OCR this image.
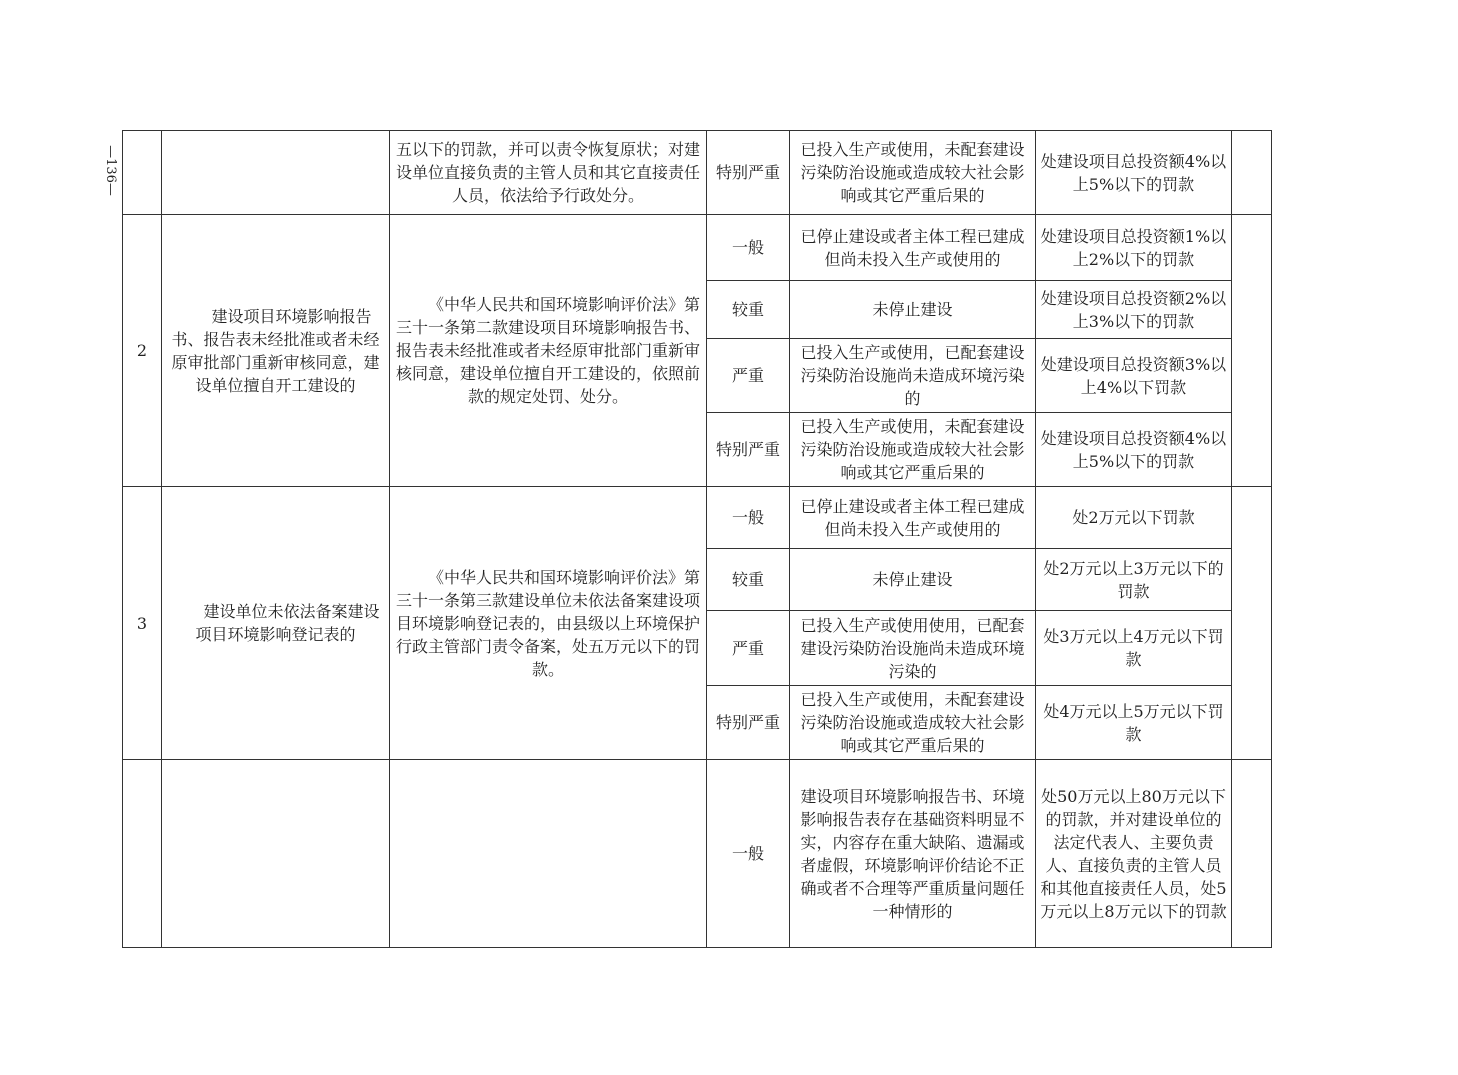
—136—
			五以下的罚款，并可以责令恢复原状；对建设单位直接负责的主管人员和其它直接责任人员，依法给予行政处分。	特别严重	已投入生产或使用，未配套建设污染防治设施或造成较大社会影响或其它严重后果的	处建设项目总投资额4%以上5%以下的罚款	
2	建设项目环境影响报告书、报告表未经批准或者未经原审批部门重新审核同意，建设单位擅自开工建设的	《中华人民共和国环境影响评价法》第三十一条第二款建设项目环境影响报告书、报告表未经批准或者未经原审批部门重新审核同意，建设单位擅自开工建设的，依照前款的规定处罚、处分。	一般	已停止建设或者主体工程已建成但尚未投入生产或使用的	处建设项目总投资额1%以上2%以下的罚款	
			较重	未停止建设	处建设项目总投资额2%以上3%以下的罚款	
			严重	已投入生产或使用，已配套建设污染防治设施尚未造成环境污染的	处建设项目总投资额3%以上4%以下罚款	
			特别严重	已投入生产或使用，未配套建设污染防治设施或造成较大社会影响或其它严重后果的	处建设项目总投资额4%以上5%以下的罚款	
3	建设单位未依法备案建设项目环境影响登记表的	《中华人民共和国环境影响评价法》第三十一条第三款建设单位未依法备案建设项目环境影响登记表的，由县级以上环境保护行政主管部门责令备案，处五万元以下的罚款。	一般	已停止建设或者主体工程已建成但尚未投入生产或使用的	处2万元以下罚款	
			较重	未停止建设	处2万元以上3万元以下的罚款	
			严重	已投入生产或使用使用，已配套建设污染防治设施尚未造成环境污染的	处3万元以上4万元以下罚款	
			特别严重	已投入生产或使用，未配套建设污染防治设施或造成较大社会影响或其它严重后果的	处4万元以上5万元以下罚款	
			一般	建设项目环境影响报告书、环境影响报告表存在基础资料明显不实，内容存在重大缺陷、遗漏或者虚假，环境影响评价结论不正确或者不合理等严重质量问题任一种情形的	处50万元以上80万元以下的罚款，并对建设单位的法定代表人、主要负责人、直接负责的主管人员和其他直接责任人员，处5万元以上8万元以下的罚款	
